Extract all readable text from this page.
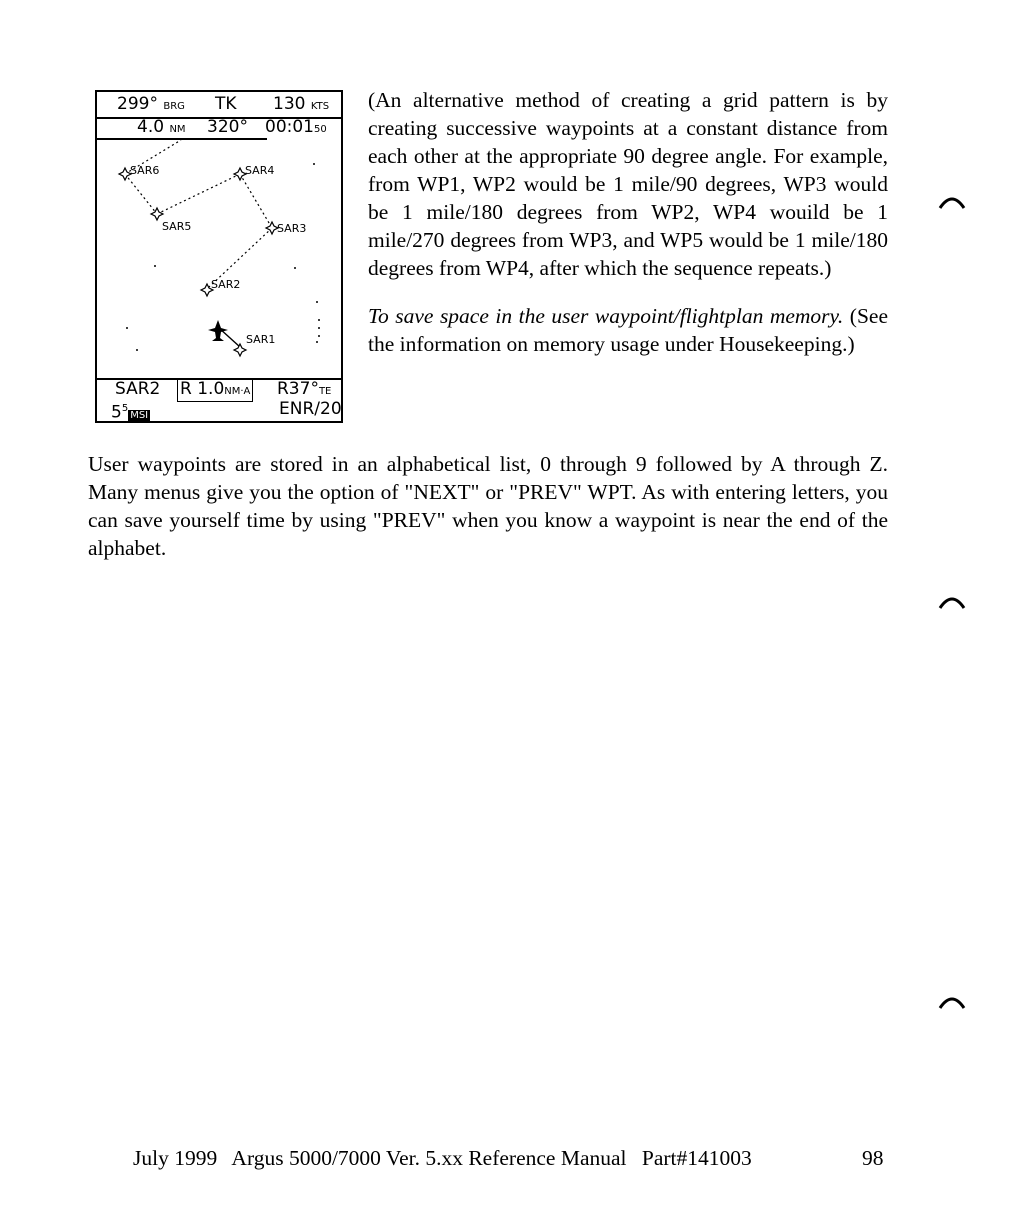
299° BRG TK 130 KTS
4.0 NM 320° 00:0150
SAR6	SAR4
SAR5	SAR3
SAR2
SAR1
SAR2 R 1.0NM·A R37°TE
$5^5MSI$	ENR/20

(An alternative method of creating a grid pattern is by creating successive waypoints at a constant distance from each other at the appropriate 90 degree angle. For example, from WP1, WP2 would be 1 mile/90 degrees, WP3 would be 1 mile/180 degrees from WP2, WP4 wouild be 1 mile/270 degrees from WP3, and WP5 would be 1 mile/180 degrees from WP4, after which the sequence repeats.)

To save space in the user waypoint/flightplan memory. (See the information on memory usage under Housekeeping.)

User waypoints are stored in an alphabetical list, 0 through 9 followed by A through Z. Many menus give you the option of "NEXT" or "PREV" WPT. As with entering letters, you can save yourself time by using "PREV" when you know a waypoint is near the end of the alphabet.

July 1999 Argus 5000/7000 Ver. 5.xx Reference Manual Part#141003	98
